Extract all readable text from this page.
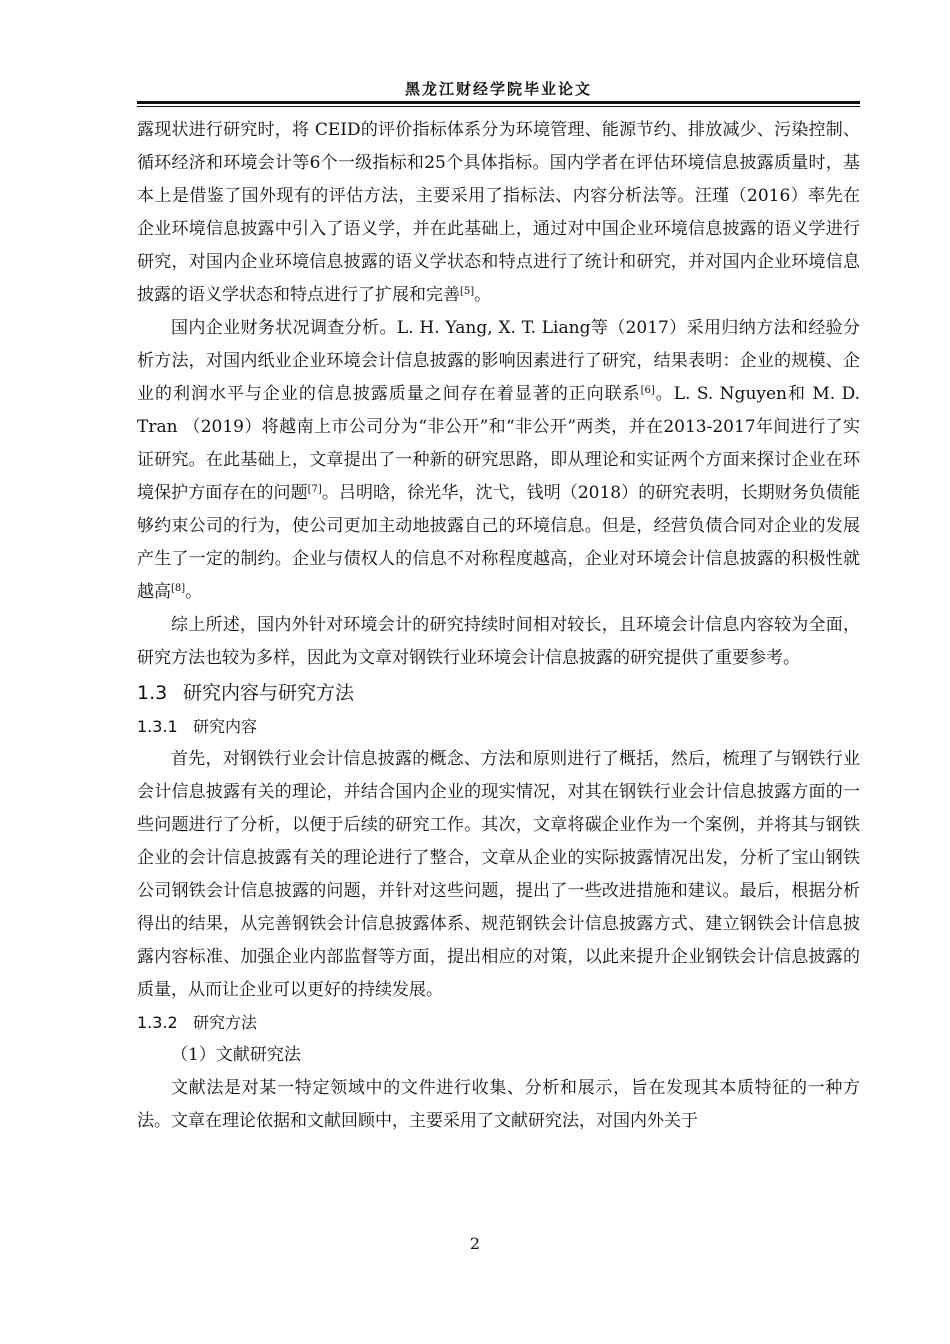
黑龙江财经学院毕业论文

露现状进行研究时，将 CEID的评价指标体系分为环境管理、能源节约、排放减少、污染控制、循环经济和环境会计等6个一级指标和25个具体指标。国内学者在评估环境信息披露质量时，基本上是借鉴了国外现有的评估方法，主要采用了指标法、内容分析法等。汪瑾（2016）率先在企业环境信息披露中引入了语义学，并在此基础上，通过对中国企业环境信息披露的语义学进行研究，对国内企业环境信息披露的语义学状态和特点进行了统计和研究，并对国内企业环境信息披露的语义学状态和特点进行了扩展和完善[5]。

国内企业财务状况调查分析。L. H. Yang, X. T. Liang等（2017）采用归纳方法和经验分析方法，对国内纸业企业环境会计信息披露的影响因素进行了研究，结果表明：企业的规模、企业的利润水平与企业的信息披露质量之间存在着显著的正向联系[6]。L. S. Nguyen和 M. D. Tran （2019）将越南上市公司分为“非公开”和“非公开”两类，并在2013-2017年间进行了实证研究。在此基础上，文章提出了一种新的研究思路，即从理论和实证两个方面来探讨企业在环境保护方面存在的问题[7]。吕明晗，徐光华，沈弋，钱明（2018）的研究表明，长期财务负债能够约束公司的行为，使公司更加主动地披露自己的环境信息。但是，经营负债合同对企业的发展产生了一定的制约。企业与债权人的信息不对称程度越高，企业对环境会计信息披露的积极性就越高[8]。

综上所述，国内外针对环境会计的研究持续时间相对较长，且环境会计信息内容较为全面，研究方法也较为多样，因此为文章对钢铁行业环境会计信息披露的研究提供了重要参考。

1.3 研究内容与研究方法
1.3.1 研究内容

首先，对钢铁行业会计信息披露的概念、方法和原则进行了概括，然后，梳理了与钢铁行业会计信息披露有关的理论，并结合国内企业的现实情况，对其在钢铁行业会计信息披露方面的一些问题进行了分析，以便于后续的研究工作。其次，文章将碳企业作为一个案例，并将其与钢铁企业的会计信息披露有关的理论进行了整合，文章从企业的实际披露情况出发，分析了宝山钢铁公司钢铁会计信息披露的问题，并针对这些问题，提出了一些改进措施和建议。最后，根据分析得出的结果，从完善钢铁会计信息披露体系、规范钢铁会计信息披露方式、建立钢铁会计信息披露内容标准、加强企业内部监督等方面，提出相应的对策，以此来提升企业钢铁会计信息披露的质量，从而让企业可以更好的持续发展。

1.3.2 研究方法

（1）文献研究法

文献法是对某一特定领域中的文件进行收集、分析和展示，旨在发现其本质特征的一种方法。文章在理论依据和文献回顾中，主要采用了文献研究法，对国内外关于

2
